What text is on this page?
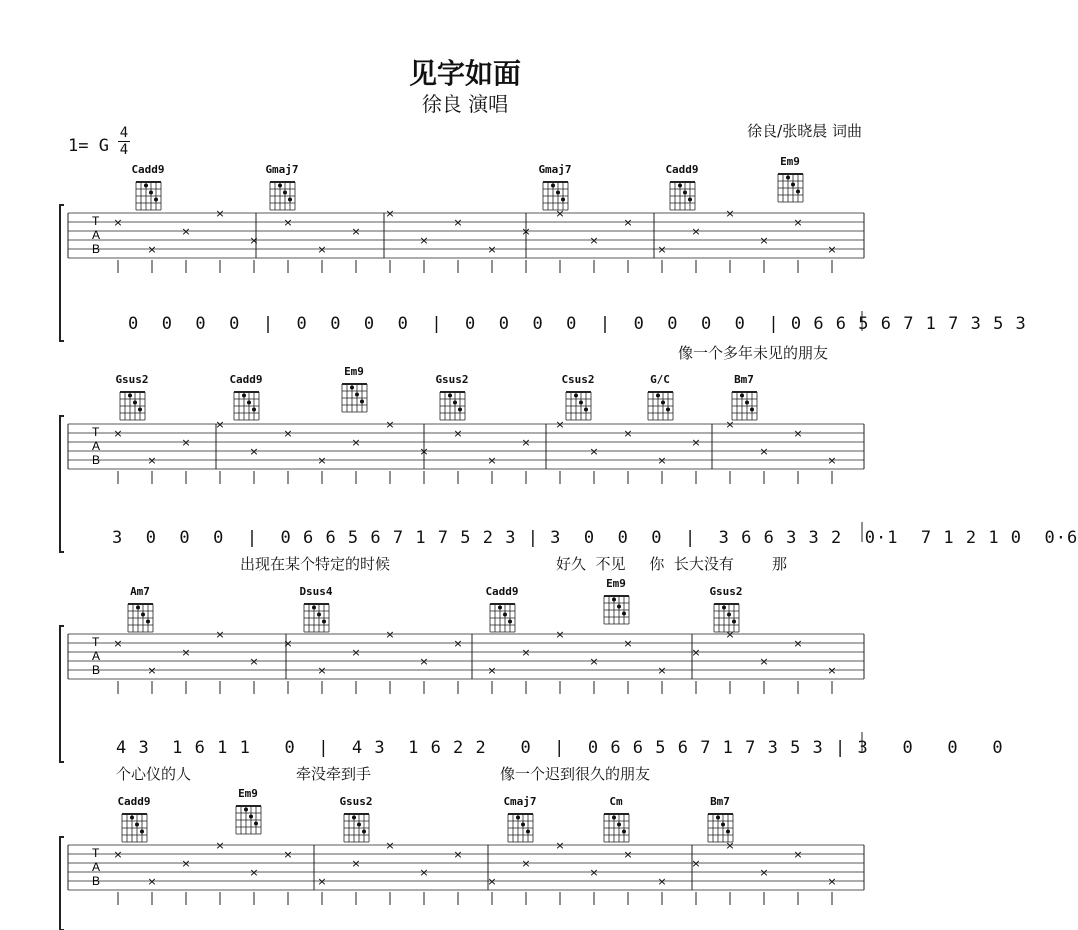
见字如面
徐良 演唱
徐良/张晓晨 词曲
1= G
4
4
Cadd9	Gmaj7	Gmaj7	Cadd9
Em9
0  0  0  0  |  0  0  0  0  |  0  0  0  0  |  0  0  0  0  | 0 6 6 5 6 7 1 7 3 5 3
像一个多年未见的朋友
Gsus2	Cadd9
Em9
Gsus2	Csus2	G/C	Bm7
3  0  0  0  |  0 6 6 5 6 7 1 7 5 2 3 | 3  0  0  0  |  3 6 6 3 3 2  0·1  7 1 2 1 0  0·6
出现在某个特定的时候	好久  不见     你  长大没有        那
Am7	Dsus4	Cadd9
Em9
Gsus2
4 3  1 6 1 1   0  |  4 3  1 6 2 2   0  |  0 6 6 5 6 7 1 7 3 5 3 | 3   0   0   0
个心仪的人	牵没牵到手	像一个迟到很久的朋友
Cadd9
Em9
Gsus2	Cmaj7	Cm	Bm7
T
A
B
×
×
×
×
×
×
×
×
×
×
×
×
×
×
×
×
×
×
×
×
×
×
T
A
B
×
×
×
×
×
×
×
×
×
×
×
×
×
×
×
×
×
×
×
×
×
×
T
A
B
×
×
×
×
×
×
×
×
×
×
×
×
×
×
×
×
×
×
×
×
×
×
T
A
B
×
×
×
×
×
×
×
×
×
×
×
×
×
×
×
×
×
×
×
×
×
×
